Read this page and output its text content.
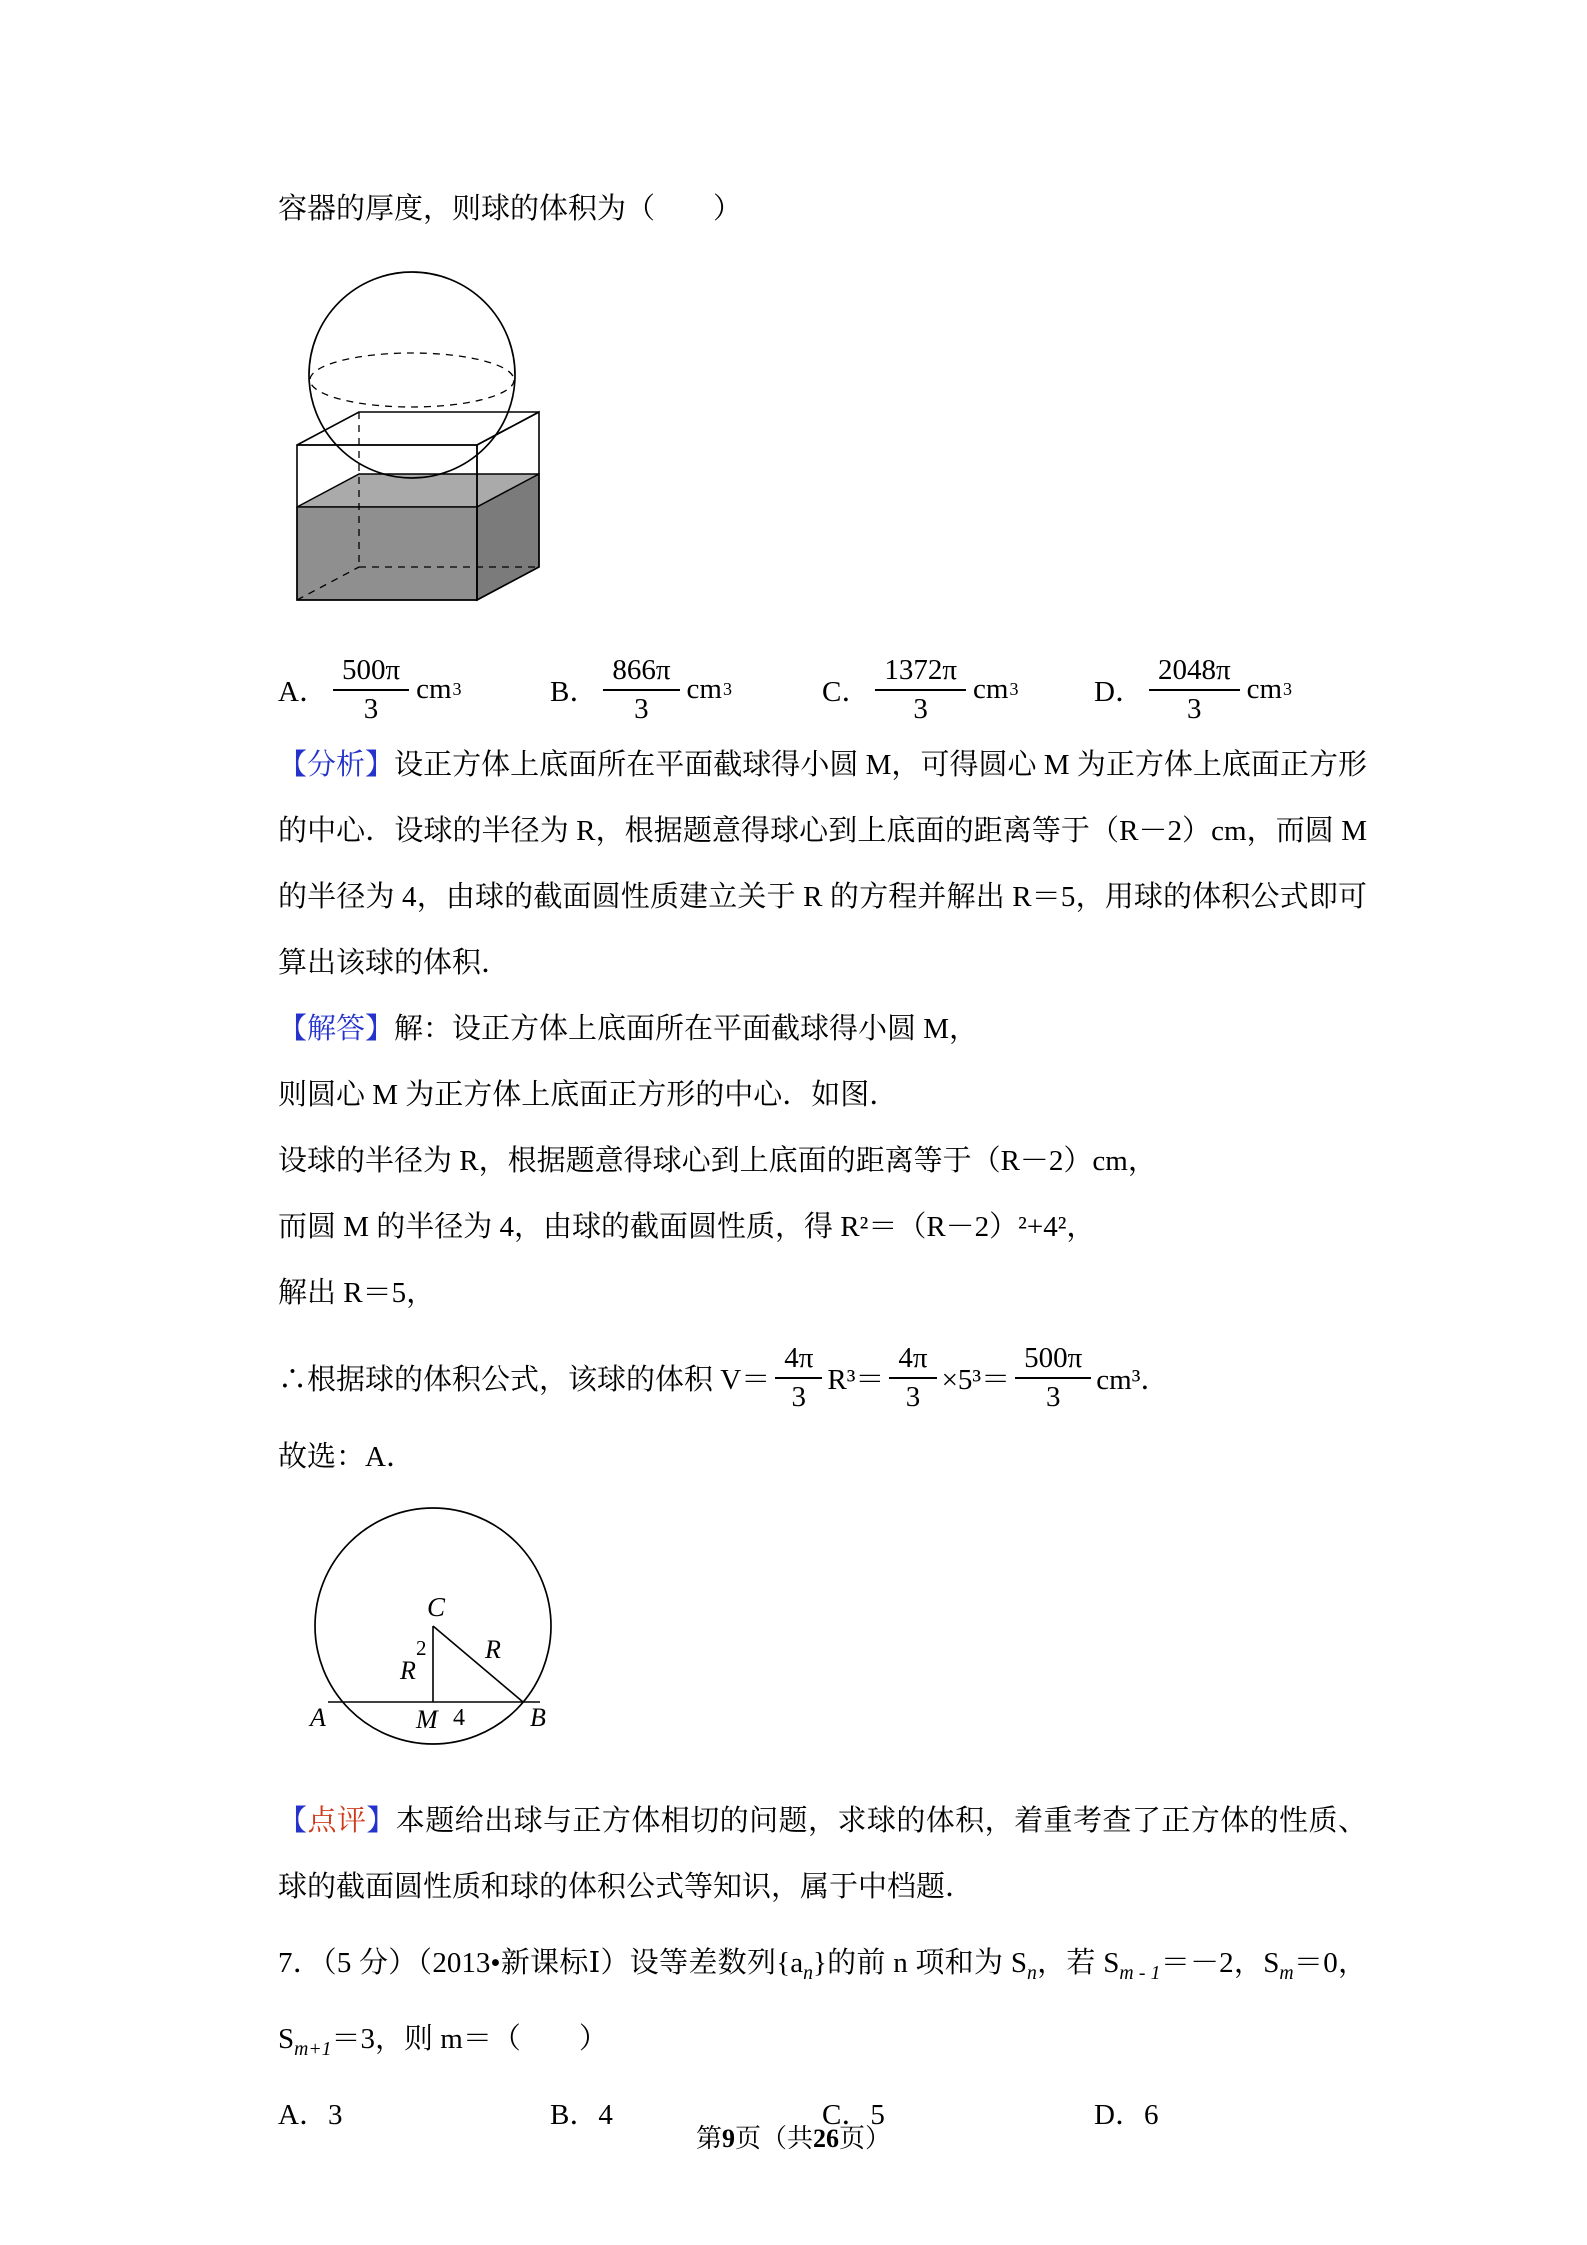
容器的厚度，则球的体积为（　　）

A． $\frac{500\pi}{3}$ cm 3	B． $\frac{866\pi}{3}$ cm 3	C． $\frac{1372\pi}{3}$ cm 3	D． $\frac{2048\pi}{3}$ cm 3

【分析】设正方体上底面所在平面截球得小圆 M，可得圆心 M 为正方体上底面正方形的中心．设球的半径为 R，根据题意得球心到上底面的距离等于（R－2）cm，而圆 M 的半径为 4，由球的截面圆性质建立关于 R 的方程并解出 R＝5，用球的体积公式即可算出该球的体积．

【解答】解：设正方体上底面所在平面截球得小圆 M，

则圆心 M 为正方体上底面正方形的中心．如图．

设球的半径为 R，根据题意得球心到上底面的距离等于（R－2）cm，

而圆 M 的半径为 4，由球的截面圆性质，得 R²＝（R－2）²+4²，

解出 R＝5，

∴根据球的体积公式，该球的体积 $V= \frac{4\pi}{3} R^3= \frac{4\pi}{3} \times 5^3= \frac{500\pi}{3} cm^3$．

故选：A．

C
2
R
R
A	M 4	B

【点评】本题给出球与正方体相切的问题，求球的体积，着重考查了正方体的性质、球的截面圆性质和球的体积公式等知识，属于中档题．

7．（5 分）（2013•新课标Ⅰ）设等差数列$\{a_n\}$的前 n 项和为 $S_n$，若 $S_{m - 1}=-2$，$S_m=0$，$S_{m+1}=3$，则 m＝（　　）

A．3	B．4	C．5	D．6
第9页（共26页）
